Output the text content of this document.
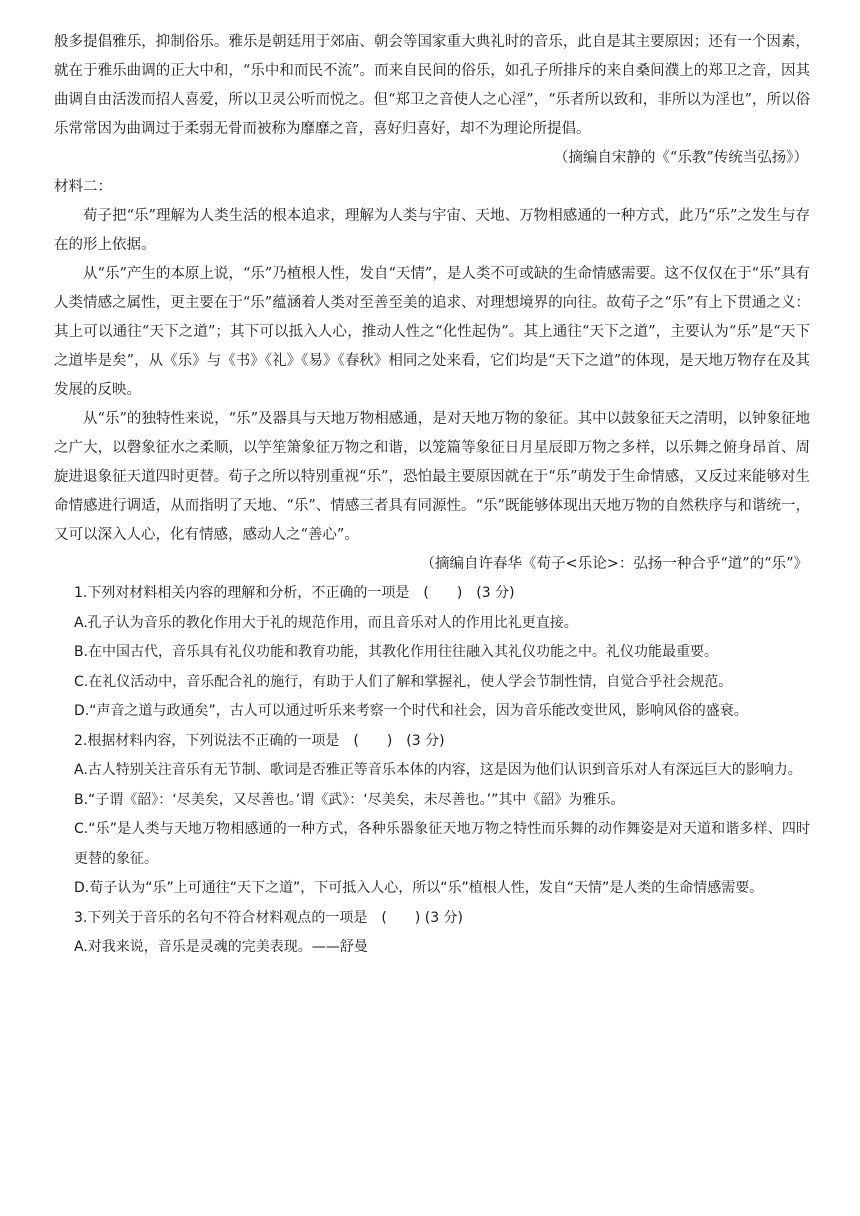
般多提倡雅乐，抑制俗乐。雅乐是朝廷用于郊庙、朝会等国家重大典礼时的音乐，此自是其主要原因；还有一个因素，就在于雅乐曲调的正大中和，“乐中和而民不流”。而来自民间的俗乐，如孔子所排斥的来自桑间濮上的郑卫之音，因其曲调自由活泼而招人喜爱，所以卫灵公听而悦之。但“郑卫之音使人之心淫”，“乐者所以致和，非所以为淫也”，所以俗乐常常因为曲调过于柔弱无骨而被称为靡靡之音，喜好归喜好，却不为理论所提倡。

（摘编自宋静的《“乐教”传统当弘扬》）

材料二：

荀子把“乐”理解为人类生活的根本追求，理解为人类与宇宙、天地、万物相感通的一种方式，此乃“乐”之发生与存在的形上依据。

从“乐”产生的本原上说，“乐”乃植根人性，发自“天情”，是人类不可或缺的生命情感需要。这不仅仅在于“乐”具有人类情感之属性，更主要在于“乐”蕴涵着人类对至善至美的追求、对理想境界的向往。故荀子之“乐”有上下贯通之义：其上可以通往“天下之道”；其下可以抵入人心，推动人性之“化性起伪”。其上通往“天下之道”，主要认为“乐”是“天下之道毕是矣”，从《乐》与《书》《礼》《易》《春秋》相同之处来看，它们均是“天下之道”的体现，是天地万物存在及其发展的反映。

从“乐”的独特性来说，“乐”及器具与天地万物相感通，是对天地万物的象征。其中以鼓象征天之清明，以钟象征地之广大，以磬象征水之柔顺，以竽笙箫象征万物之和谐，以笼篇等象征日月星辰即万物之多样，以乐舞之俯身昂首、周旋进退象征天道四时更替。荀子之所以特别重视“乐”，恐怕最主要原因就在于“乐”萌发于生命情感，又反过来能够对生命情感进行调适，从而指明了天地、“乐”、情感三者具有同源性。“乐”既能够体现出天地万物的自然秩序与和谐统一，又可以深入人心，化有情感，感动人之“善心”。

（摘编自许春华《荀子<乐论>：弘扬一种合乎“道”的“乐”》

1.下列对材料相关内容的理解和分析，不正确的一项是　(　　)　(3 分)

A.孔子认为音乐的教化作用大于礼的规范作用，而且音乐对人的作用比礼更直接。

B.在中国古代，音乐具有礼仪功能和教育功能，其教化作用往往融入其礼仪功能之中。礼仪功能最重要。

C.在礼仪活动中，音乐配合礼的施行，有助于人们了解和掌握礼，使人学会节制性情，自觉合乎社会规范。

D.“声音之道与政通矣”，古人可以通过听乐来考察一个时代和社会，因为音乐能改变世风，影响风俗的盛衰。

2.根据材料内容，下列说法不正确的一项是　(　　)　(3 分)

A.古人特别关注音乐有无节制、歌词是否雅正等音乐本体的内容，这是因为他们认识到音乐对人有深远巨大的影响力。

B.“子谓《韶》：‘尽美矣，又尽善也。’谓《武》：‘尽美矣，未尽善也。’”其中《韶》为雅乐。

C.“乐”是人类与天地万物相感通的一种方式，各种乐器象征天地万物之特性而乐舞的动作舞姿是对天道和谐多样、四时更替的象征。

D.荀子认为“乐”上可通往“天下之道”，下可抵入人心，所以“乐”植根人性，发自“天情”是人类的生命情感需要。

3.下列关于音乐的名句不符合材料观点的一项是　(　　) (3 分)

A.对我来说，音乐是灵魂的完美表现。——舒曼
